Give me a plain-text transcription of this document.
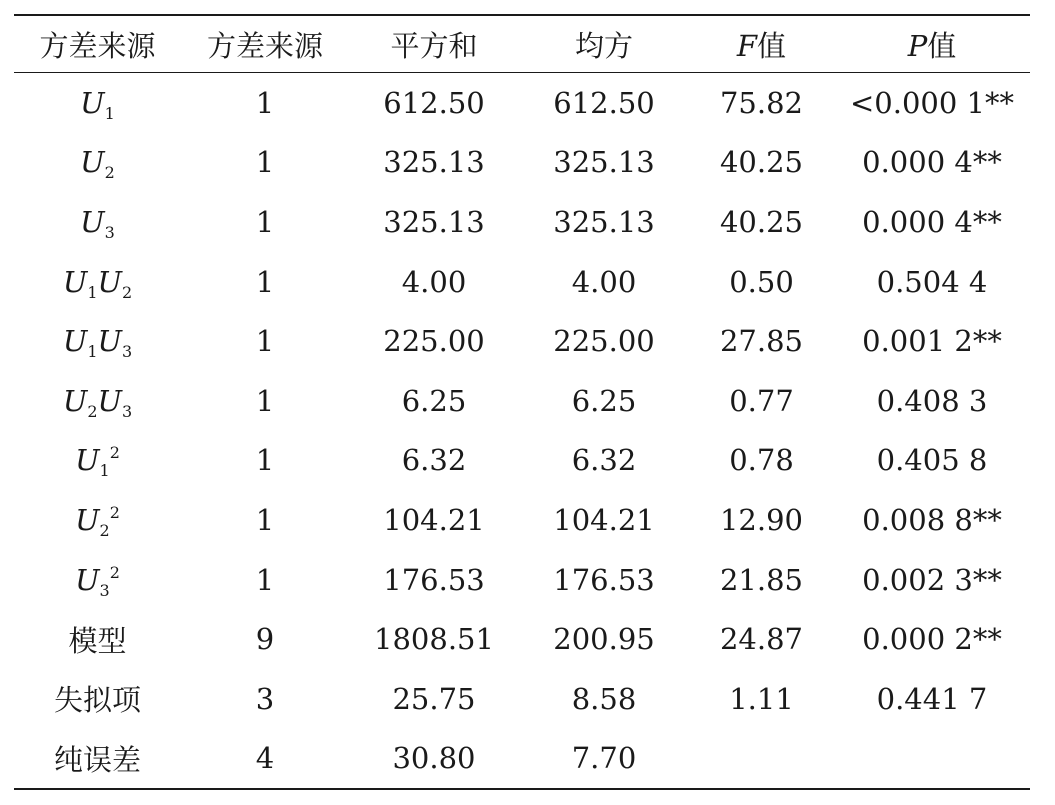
方差来源	方差来源	平方和	均方	F值	P值
$U_1$	1	612.50	612.50	75.82	<0.000 1**
$U_2$	1	325.13	325.13	40.25	0.000 4**
$U_3$	1	325.13	325.13	40.25	0.000 4**
$U_1U_2$	1	4.00	4.00	0.50	0.504 4
$U_1U_3$	1	225.00	225.00	27.85	0.001 2**
$U_2U_3$	1	6.25	6.25	0.77	0.408 3
$U_1^2$	1	6.32	6.32	0.78	0.405 8
$U_2^2$	1	104.21	104.21	12.90	0.008 8**
$U_3^2$	1	176.53	176.53	21.85	0.002 3**
模型	9	1808.51	200.95	24.87	0.000 2**
失拟项	3	25.75	8.58	1.11	0.441 7
纯误差	4	30.80	7.70		
